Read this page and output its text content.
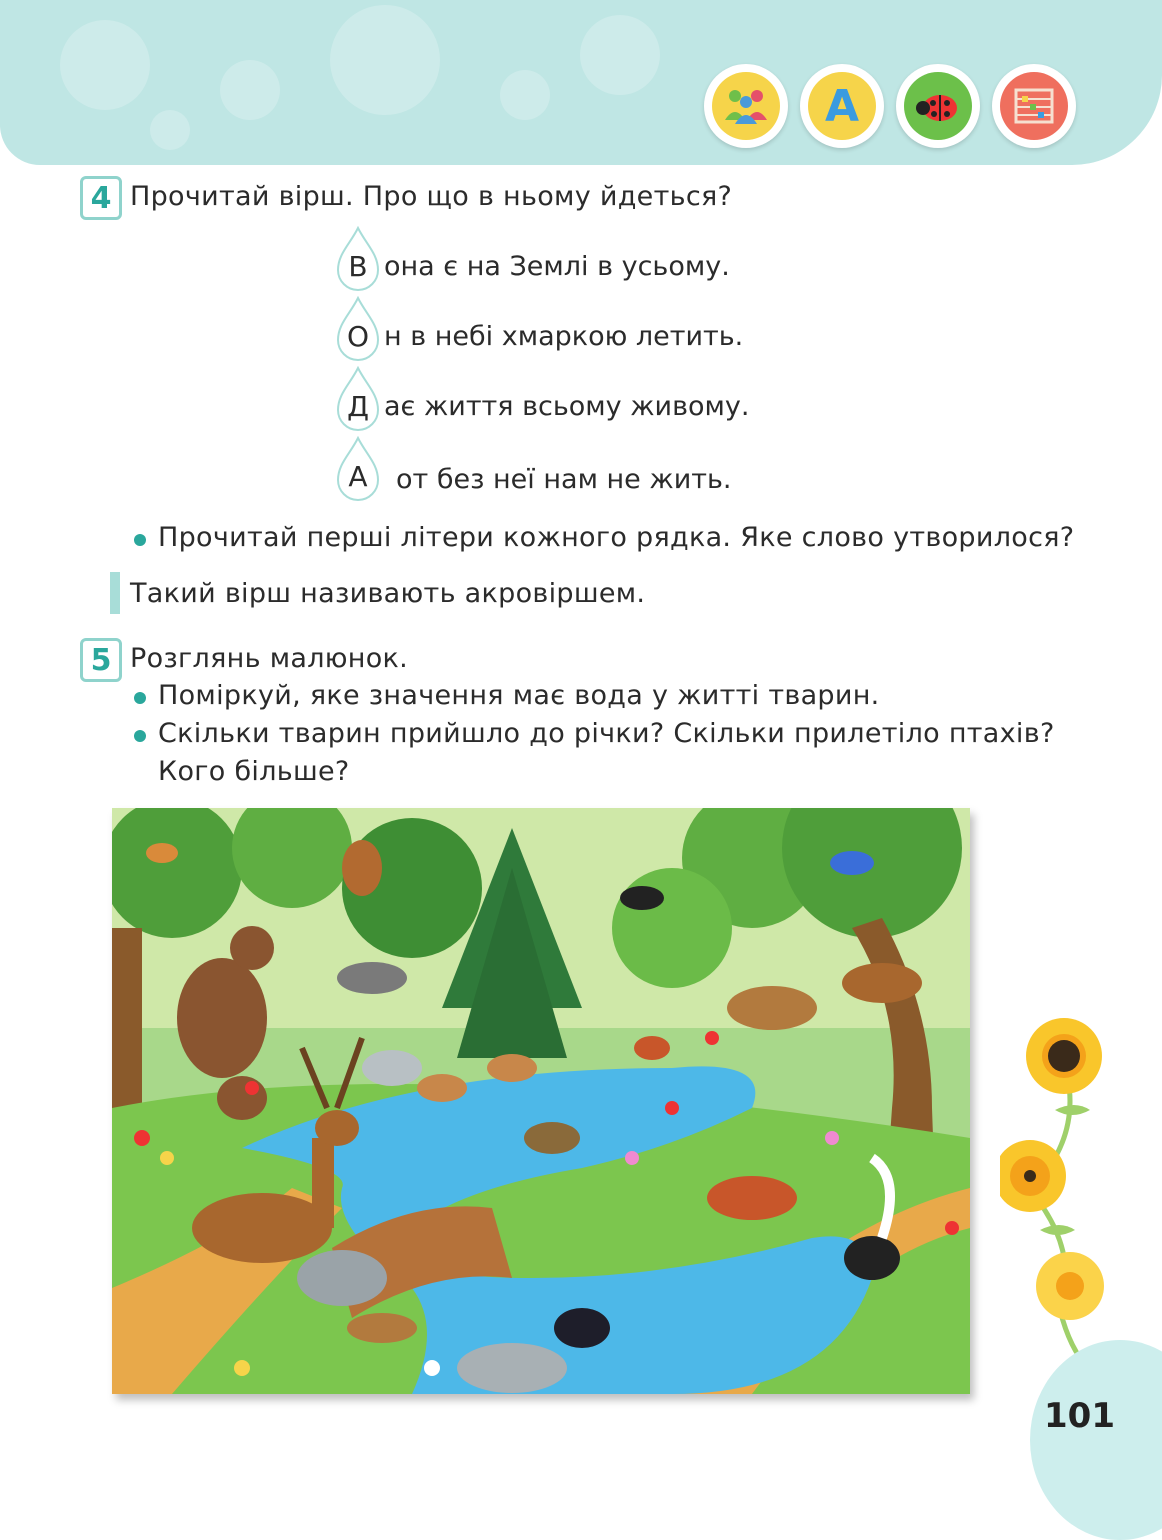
A
4 Прочитай вірш. Про що в ньому йдеться?
В она є на Землі в усьому.
О н в небі хмаркою летить.
Д ає життя всьому живому.
А	от без неї нам не жить.
Прочитай перші літери кожного рядка. Яке слово утворилося?
Такий вірш називають акровіршем.
5 Розглянь малюнок.
Поміркуй, яке значення має вода у житті тварин.
Скільки тварин прийшло до річки? Скільки прилетіло птахів?
Кого більше?
101
